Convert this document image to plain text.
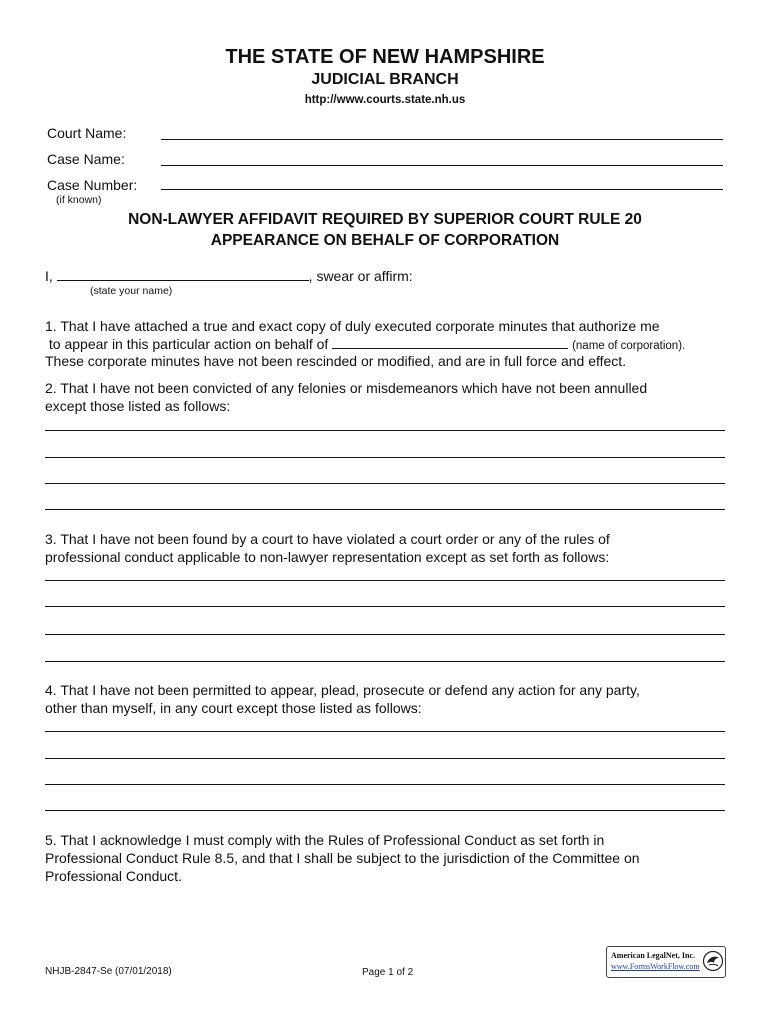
THE STATE OF NEW HAMPSHIRE
JUDICIAL BRANCH
http://www.courts.state.nh.us
Court Name:
Case Name:
Case Number:
(if known)
NON-LAWYER AFFIDAVIT REQUIRED BY SUPERIOR COURT RULE 20
APPEARANCE ON BEHALF OF CORPORATION
I,	, swear or affirm:
(state your name)
1. That I have attached a true and exact copy of duly executed corporate minutes that authorize me
to appear in this particular action on behalf of	(name of corporation).
These corporate minutes have not been rescinded or modified, and are in full force and effect.
2. That I have not been convicted of any felonies or misdemeanors which have not been annulled
except those listed as follows:
3. That I have not been found by a court to have violated a court order or any of the rules of
professional conduct applicable to non-lawyer representation except as set forth as follows:
4. That I have not been permitted to appear, plead, prosecute or defend any action for any party,
other than myself, in any court except those listed as follows:
5. That I acknowledge I must comply with the Rules of Professional Conduct as set forth in
Professional Conduct Rule 8.5, and that I shall be subject to the jurisdiction of the Committee on
Professional Conduct.
NHJB-2847-Se (07/01/2018)	Page 1 of 2
American LegalNet, Inc.
www.FormsWorkFlow.com
